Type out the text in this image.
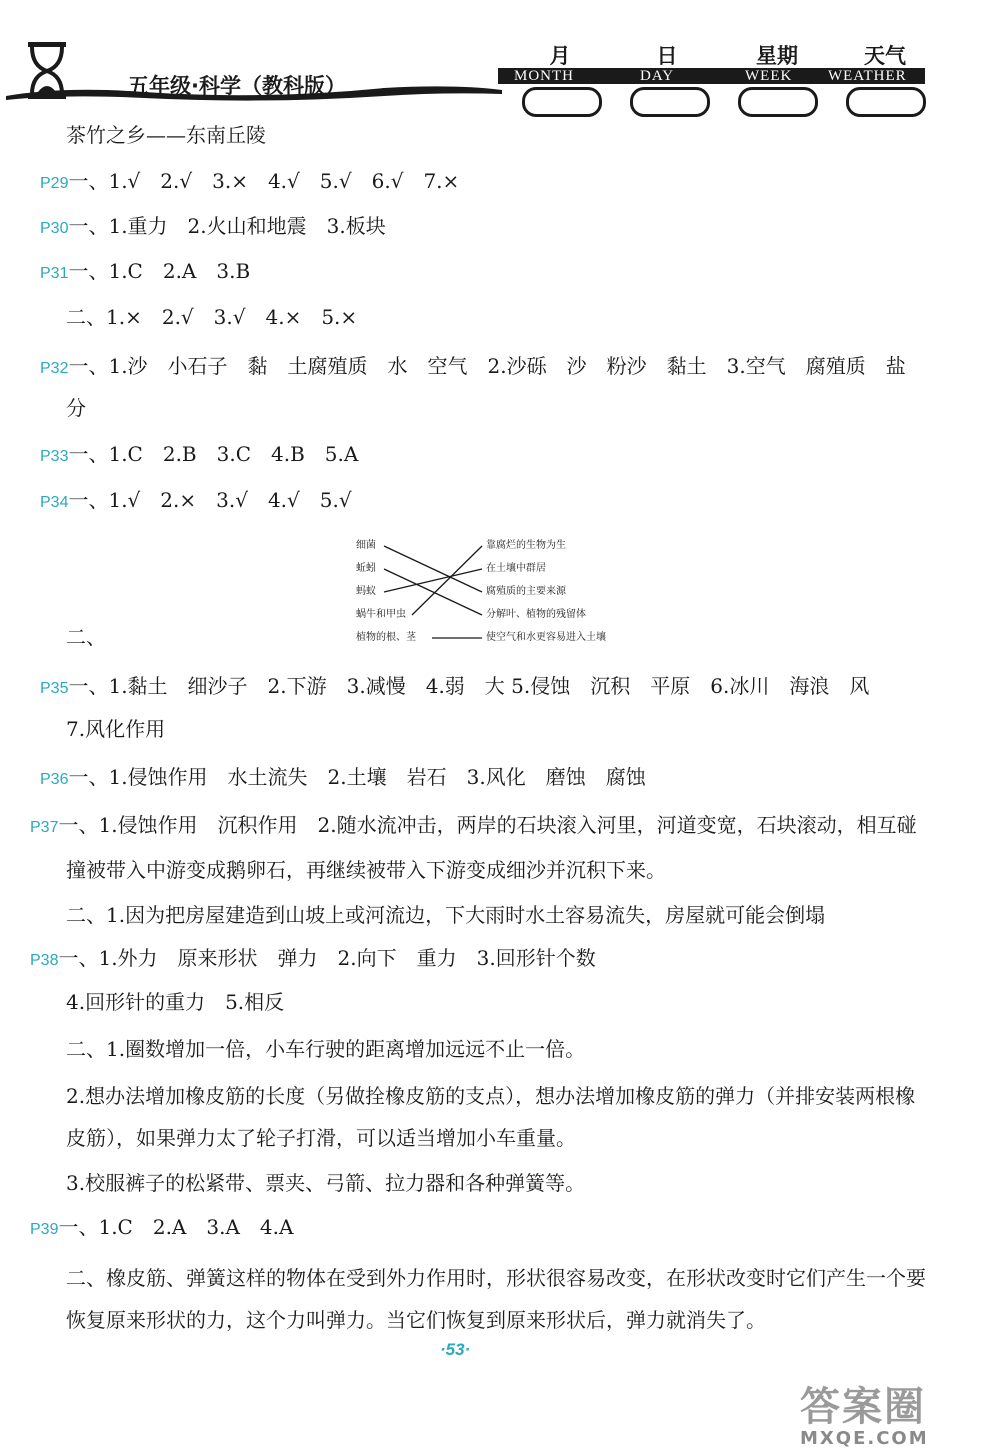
五年级·科学（教科版）
月	日	星期	天气
MONTH	DAY	WEEK WEATHER
茶竹之乡——东南丘陵
P29一、1.√　2.√　3.×　4.√　5.√　6.√　7.×
P30一、1.重力　2.火山和地震　3.板块
P31一、1.C　2.A　3.B
二、1.×　2.√　3.√　4.×　5.×
P32一、1.沙　小石子　黏　土腐殖质　水　空气　2.沙砾　沙　粉沙　黏土　3.空气　腐殖质　盐
分
P33一、1.C　2.B　3.C　4.B　5.A
P34一、1.√　2.×　3.√　4.√　5.√
二、
P35一、1.黏土　细沙子　2.下游　3.减慢　4.弱　大 5.侵蚀　沉积　平原　6.冰川　海浪　风
7.风化作用
P36一、1.侵蚀作用　水土流失　2.土壤　岩石　3.风化　磨蚀　腐蚀
P37一、1.侵蚀作用　沉积作用　2.随水流冲击，两岸的石块滚入河里，河道变宽，石块滚动，相互碰
撞被带入中游变成鹅卵石，再继续被带入下游变成细沙并沉积下来。
二、1.因为把房屋建造到山坡上或河流边，下大雨时水土容易流失，房屋就可能会倒塌
P38一、1.外力　原来形状　弹力　2.向下　重力　3.回形针个数
4.回形针的重力　5.相反
二、1.圈数增加一倍，小车行驶的距离增加远远不止一倍。
2.想办法增加橡皮筋的长度（另做拴橡皮筋的支点），想办法增加橡皮筋的弹力（并排安装两根橡
皮筋），如果弹力太了轮子打滑，可以适当增加小车重量。
3.校服裤子的松紧带、票夹、弓箭、拉力器和各种弹簧等。
P39一、1.C　2.A　3.A　4.A
二、橡皮筋、弹簧这样的物体在受到外力作用时，形状很容易改变，在形状改变时它们产生一个要
恢复原来形状的力，这个力叫弹力。当它们恢复到原来形状后，弹力就消失了。
细菌
蚯蚓
蚂蚁
蜗牛和甲虫
植物的根、茎
靠腐烂的生物为生
在土壤中群居
腐殖质的主要来源
分解叶、植物的残留体
使空气和水更容易进入土壤
·53·
答案圈
MXQE.COM
